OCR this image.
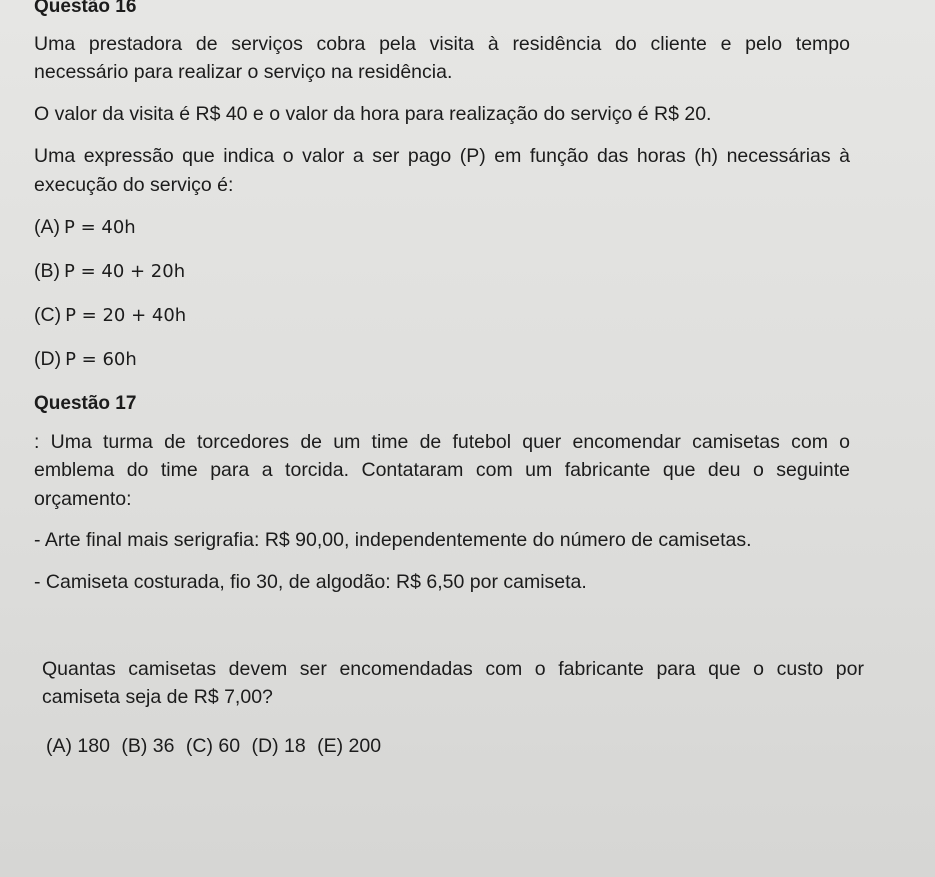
Questão 16
Uma prestadora de serviços cobra pela visita à residência do cliente e pelo tempo
necessário para realizar o serviço na residência.
O valor da visita é R$ 40 e o valor da hora para realização do serviço é R$ 20.
Uma expressão que indica o valor a ser pago (P) em função das horas (h) necessárias à
execução do serviço é:
(A) P = 40h
(B) P = 40 + 20h
(C) P = 20 + 40h
(D) P = 60h
Questão 17
: Uma turma de torcedores de um time de futebol quer encomendar camisetas com o
emblema do time para a torcida. Contataram com um fabricante que deu o seguinte
orçamento:
- Arte final mais serigrafia: R$ 90,00, independentemente do número de camisetas.
- Camiseta costurada, fio 30, de algodão: R$ 6,50 por camiseta.
Quantas camisetas devem ser encomendadas com o fabricante para que o custo por
camiseta seja de R$ 7,00?
(A) 180 (B) 36 (C) 60 (D) 18 (E) 200
